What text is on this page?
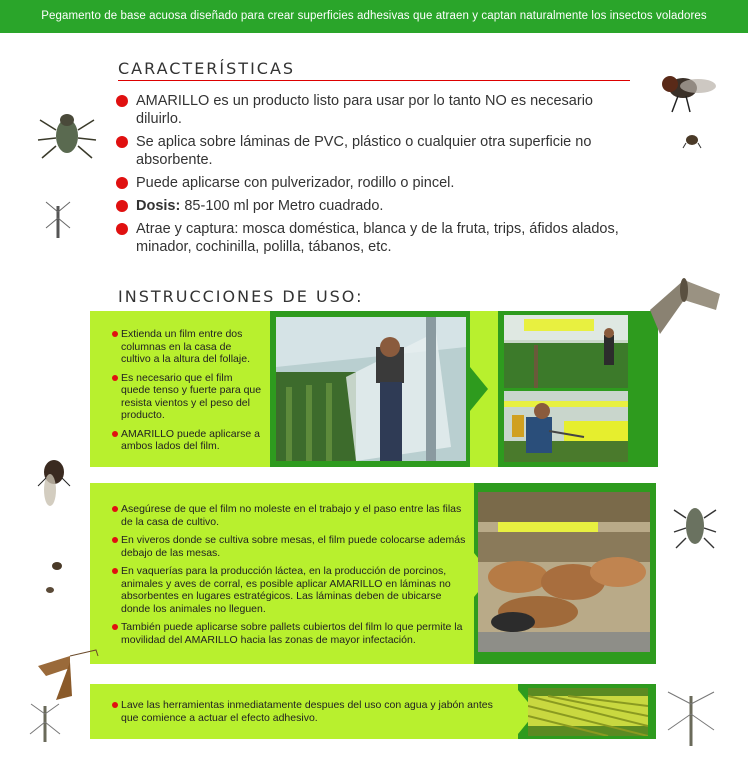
Pegamento de base acuosa diseñado para crear superficies adhesivas que atraen y captan naturalmente los insectos voladores
CARACTERÍSTICAS
AMARILLO es un producto listo para usar por lo tanto NO es necesario diluirlo.
Se aplica sobre láminas de PVC, plástico o cualquier otra superficie no absorbente.
Puede aplicarse con pulverizador, rodillo o pincel.
Dosis: 85-100 ml por Metro cuadrado.
Atrae y captura: mosca doméstica, blanca y de la fruta, trips, áfidos alados, minador, cochinilla, polilla, tábanos, etc.
INSTRUCCIONES DE USO:

Extienda un film entre dos columnas en la casa de cultivo a la altura del follaje.

Es necesario que el film quede tenso y fuerte para que resista vientos y el peso del producto.

AMARILLO puede aplicarse a ambos lados del film.

Asegúrese de que el film no moleste en el trabajo y el paso entre las filas de la casa de cultivo.

En viveros donde se cultiva sobre mesas, el film puede colocarse además debajo de las mesas.

En vaquerías para la producción láctea, en la producción de porcinos, animales y aves de corral, es posible aplicar AMARILLO en láminas no absorbentes en lugares estratégicos. Las láminas deben de ubicarse donde los animales no lleguen.

También puede aplicarse sobre pallets cubiertos del film lo que permite la movilidad del AMARILLO hacia las zonas de mayor infectación.

Lave las herramientas inmediatamente despues del uso con agua y jabón antes que comience a actuar el efecto adhesivo.
